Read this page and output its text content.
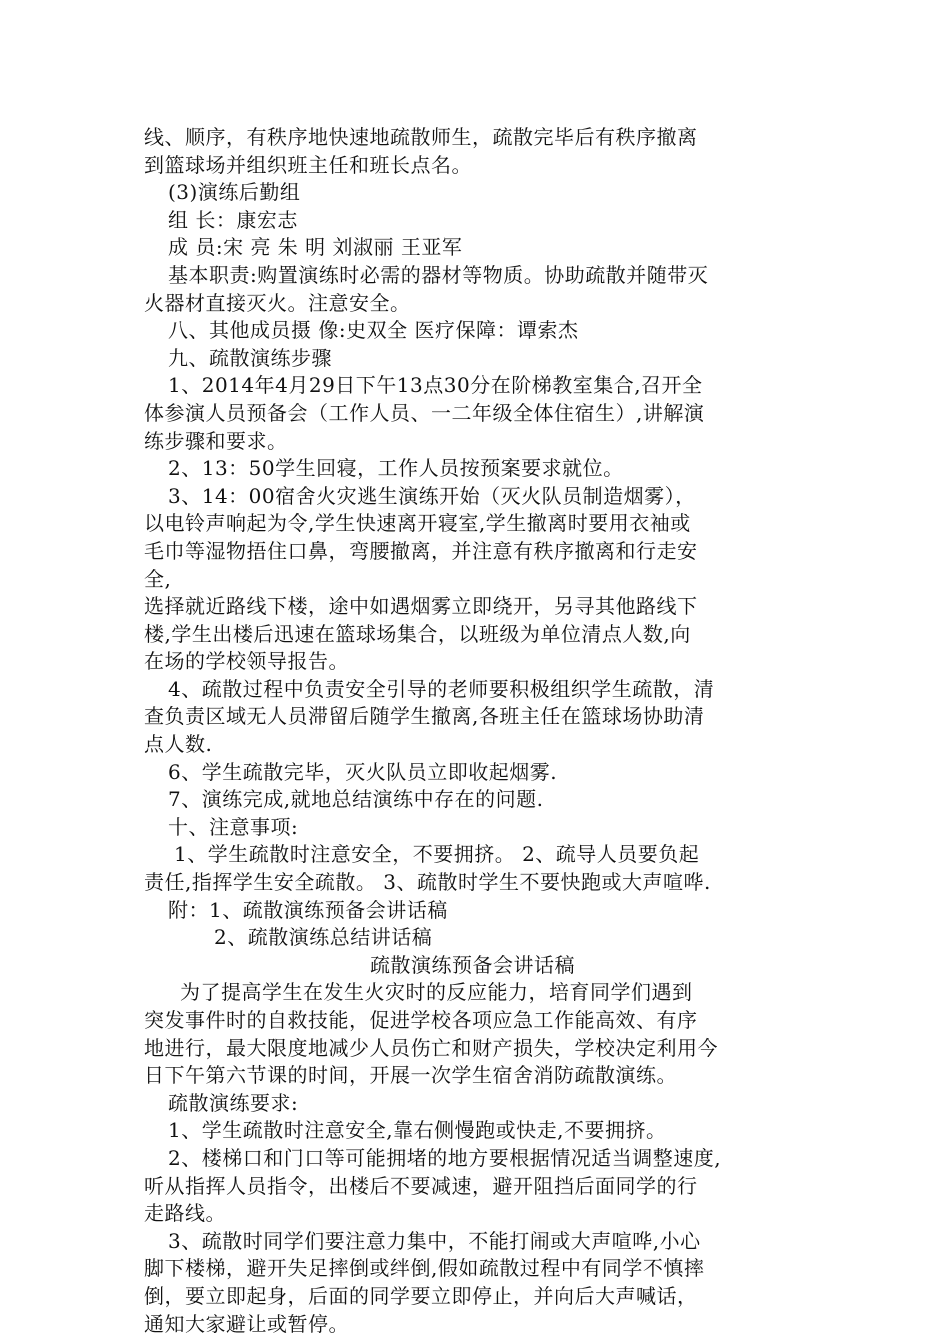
线、顺序，有秩序地快速地疏散师生，疏散完毕后有秩序撤离
到篮球场并组织班主任和班长点名。
(3)演练后勤组
组 长：康宏志
成 员:宋 亮 朱 明 刘淑丽 王亚军
基本职责:购置演练时必需的器材等物质。协助疏散并随带灭
火器材直接灭火。注意安全。
八、其他成员摄 像:史双全 医疗保障：谭索杰
九、疏散演练步骤
1、2014年4月29日下午13点30分在阶梯教室集合,召开全
体参演人员预备会（工作人员、一二年级全体住宿生）,讲解演
练步骤和要求。
2、13：50学生回寝，工作人员按预案要求就位。
3、14：00宿舍火灾逃生演练开始（灭火队员制造烟雾），
以电铃声响起为令,学生快速离开寝室,学生撤离时要用衣袖或
毛巾等湿物捂住口鼻，弯腰撤离，并注意有秩序撤离和行走安
全,
选择就近路线下楼，途中如遇烟雾立即绕开，另寻其他路线下
楼,学生出楼后迅速在篮球场集合，以班级为单位清点人数,向
在场的学校领导报告。
4、疏散过程中负责安全引导的老师要积极组织学生疏散，清
查负责区域无人员滞留后随学生撤离,各班主任在篮球场协助清
点人数.
6、学生疏散完毕，灭火队员立即收起烟雾.
7、演练完成,就地总结演练中存在的问题.
十、注意事项:
1、学生疏散时注意安全，不要拥挤。 2、疏导人员要负起
责任,指挥学生安全疏散。 3、疏散时学生不要快跑或大声喧哗.
附：1、疏散演练预备会讲话稿
2、疏散演练总结讲话稿
疏散演练预备会讲话稿
为了提高学生在发生火灾时的反应能力，培育同学们遇到
突发事件时的自救技能，促进学校各项应急工作能高效、有序
地进行，最大限度地减少人员伤亡和财产损失，学校决定利用今
日下午第六节课的时间，开展一次学生宿舍消防疏散演练。
疏散演练要求:
1、学生疏散时注意安全,靠右侧慢跑或快走,不要拥挤。
2、楼梯口和门口等可能拥堵的地方要根据情况适当调整速度,
听从指挥人员指令，出楼后不要减速，避开阻挡后面同学的行
走路线。
3、疏散时同学们要注意力集中，不能打闹或大声喧哗,小心
脚下楼梯，避开失足摔倒或绊倒,假如疏散过程中有同学不慎摔
倒，要立即起身，后面的同学要立即停止，并向后大声喊话，
通知大家避让或暂停。
